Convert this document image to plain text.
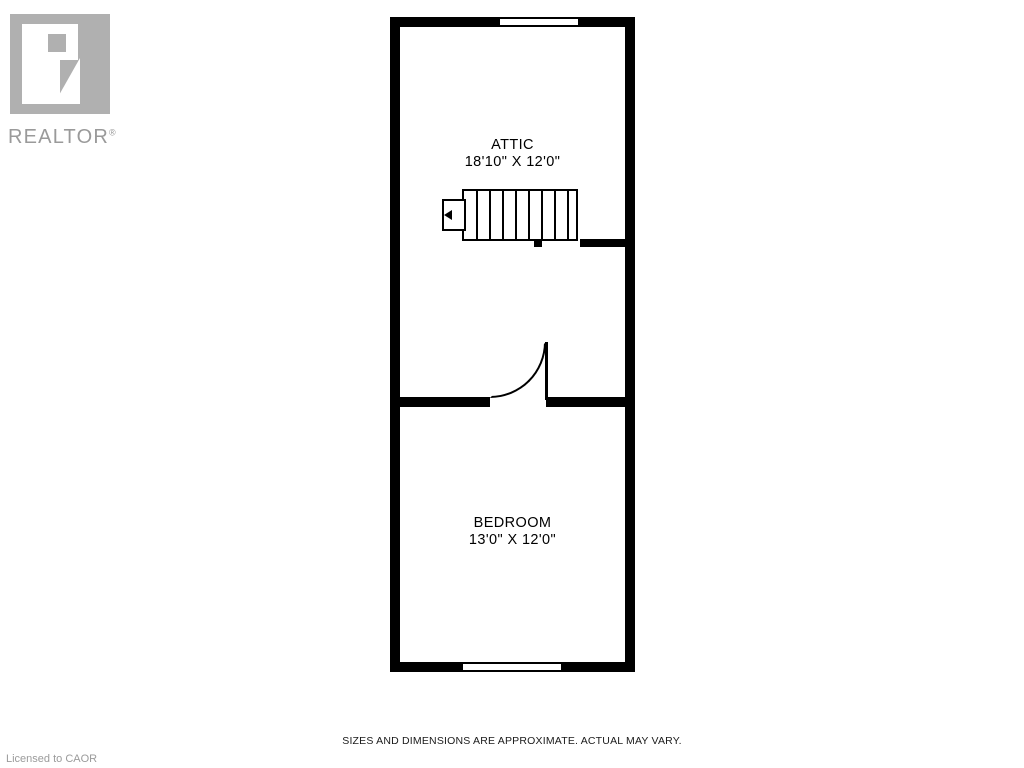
REALTOR®
ATTIC
18'10" X 12'0"
BEDROOM
13'0" X 12'0"
SIZES AND DIMENSIONS ARE APPROXIMATE. ACTUAL MAY VARY.
Licensed to CAOR
